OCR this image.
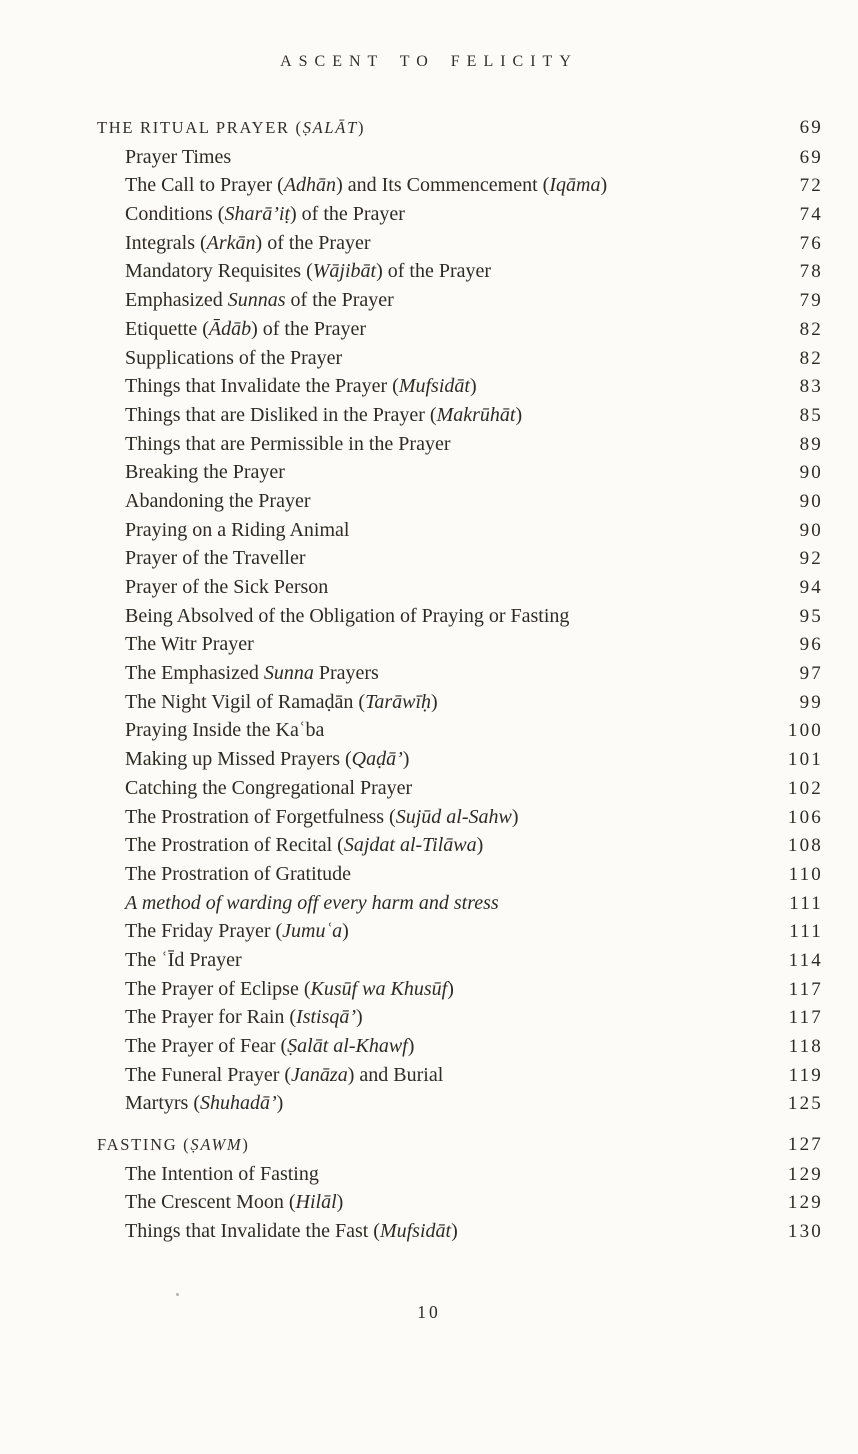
ASCENT TO FELICITY
THE RITUAL PRAYER (ṢALĀT)	69
Prayer Times	69
The Call to Prayer (Adhān) and Its Commencement (Iqāma)	72
Conditions (Sharā’iṭ) of the Prayer	74
Integrals (Arkān) of the Prayer	76
Mandatory Requisites (Wājibāt) of the Prayer	78
Emphasized Sunnas of the Prayer	79
Etiquette (Ādāb) of the Prayer	82
Supplications of the Prayer	82
Things that Invalidate the Prayer (Mufsidāt)	83
Things that are Disliked in the Prayer (Makrūhāt)	85
Things that are Permissible in the Prayer	89
Breaking the Prayer	90
Abandoning the Prayer	90
Praying on a Riding Animal	90
Prayer of the Traveller	92
Prayer of the Sick Person	94
Being Absolved of the Obligation of Praying or Fasting	95
The Witr Prayer	96
The Emphasized Sunna Prayers	97
The Night Vigil of Ramaḍān (Tarāwīḥ)	99
Praying Inside the Kaʿba	100
Making up Missed Prayers (Qaḍā’)	101
Catching the Congregational Prayer	102
The Prostration of Forgetfulness (Sujūd al-Sahw)	106
The Prostration of Recital (Sajdat al-Tilāwa)	108
The Prostration of Gratitude	110
A method of warding off every harm and stress	111
The Friday Prayer (Jumuʿa)	111
The ʿĪd Prayer	114
The Prayer of Eclipse (Kusūf wa Khusūf)	117
The Prayer for Rain (Istisqā’)	117
The Prayer of Fear (Ṣalāt al-Khawf)	118
The Funeral Prayer (Janāza) and Burial	119
Martyrs (Shuhadā’)	125
FASTING (ṢAWM)	127
The Intention of Fasting	129
The Crescent Moon (Hilāl)	129
Things that Invalidate the Fast (Mufsidāt)	130
10
